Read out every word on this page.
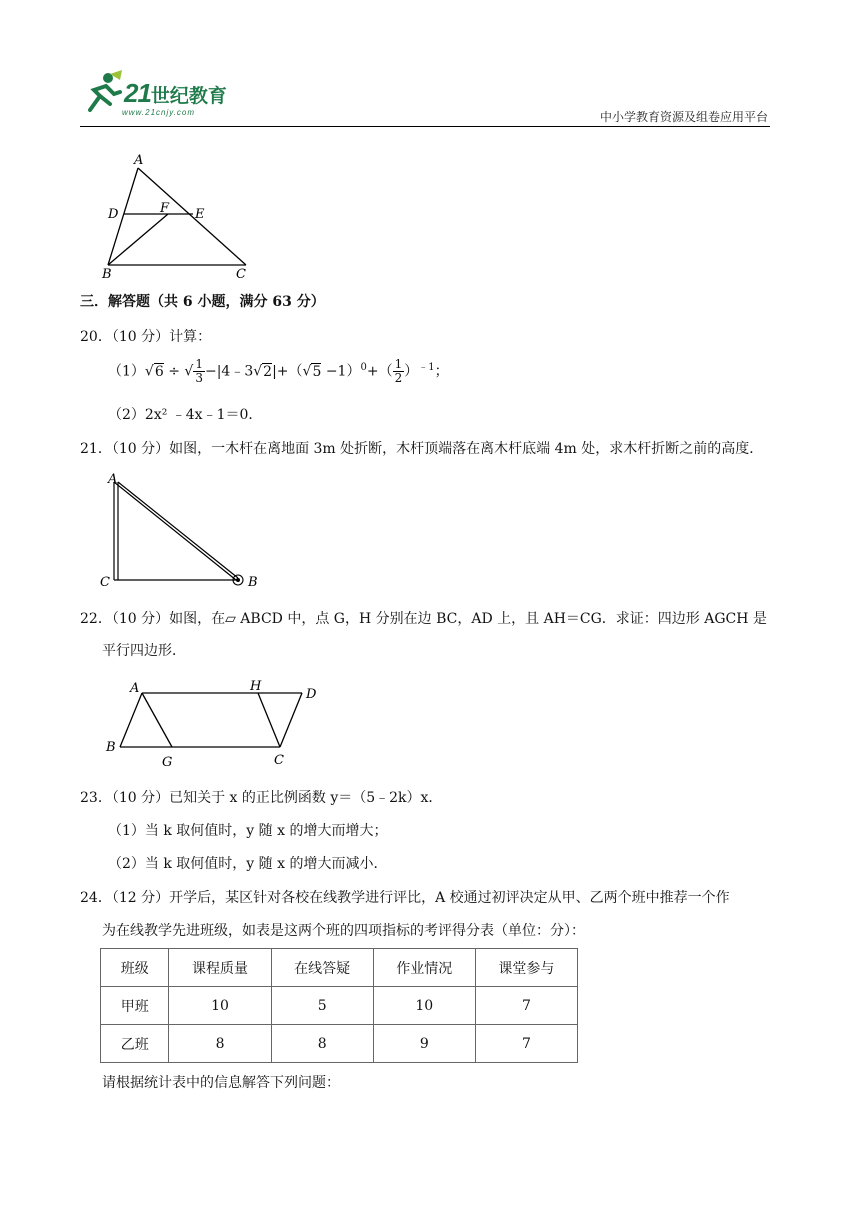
21世纪教育
www.21cnjy.com	中小学教育资源及组卷应用平台
A
D	F E
B	C
三．解答题（共 6 小题，满分 63 分）
20．（10 分）计算：
（1）√6 ÷ √ $\frac{1}{3}$ −|4﹣3√2|+（√5 $-1)^0+( \frac{1}{2} )^{﹣1}$；
（2）2x² ﹣4x﹣1＝0．
21．（10 分）如图，一木杆在离地面 3m 处折断，木杆顶端落在离木杆底端 4m 处，求木杆折断之前的高度．
A
C	B
22．（10 分）如图，在▱ ABCD 中，点 G，H 分别在边 BC，AD 上，且 AH＝CG．求证：四边形 AGCH 是
平行四边形．
A	H
D
B
G	C
23．（10 分）已知关于 x 的正比例函数 y＝（5﹣2k）x．
（1）当 k 取何值时，y 随 x 的增大而增大；
（2）当 k 取何值时，y 随 x 的增大而减小．
24．（12 分）开学后，某区针对各校在线教学进行评比，A 校通过初评决定从甲、乙两个班中推荐一个作
为在线教学先进班级，如表是这两个班的四项指标的考评得分表（单位：分）：
班级	课程质量	在线答疑	作业情况	课堂参与
甲班	10	5	10	7
乙班	8	8	9	7
请根据统计表中的信息解答下列问题：
